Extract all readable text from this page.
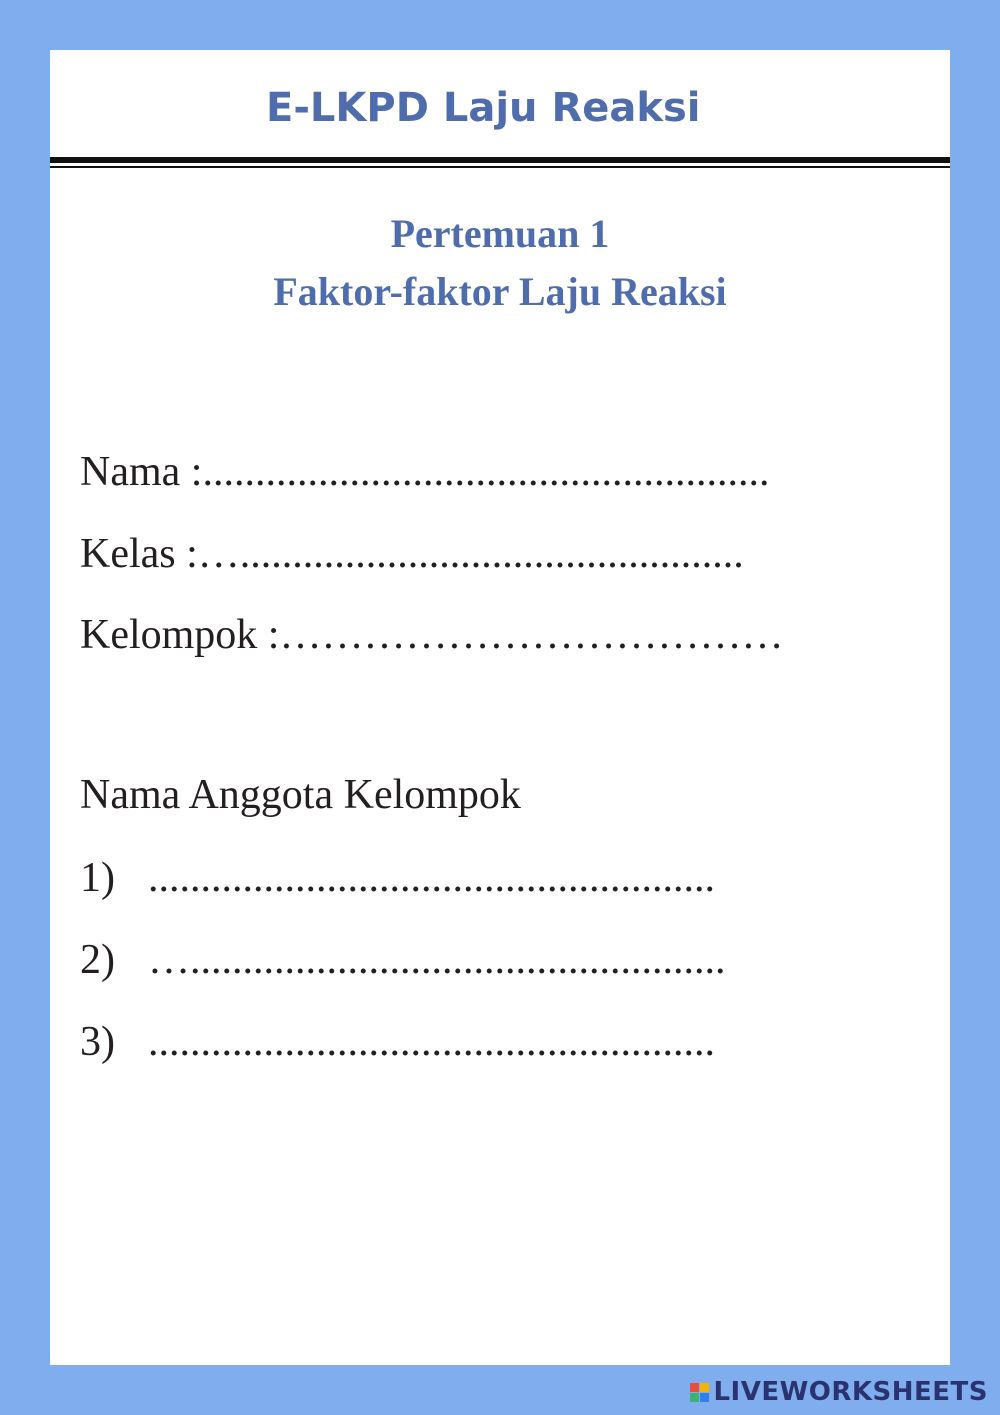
E-LKPD Laju Reaksi
Pertemuan 1
Faktor-faktor Laju Reaksi
Nama :......................................................
Kelas :…................................................
Kelompok :………………………………
Nama Anggota Kelompok
1) ......................................................
2) …...................................................
3) ......................................................
LIVEWORKSHEETS
